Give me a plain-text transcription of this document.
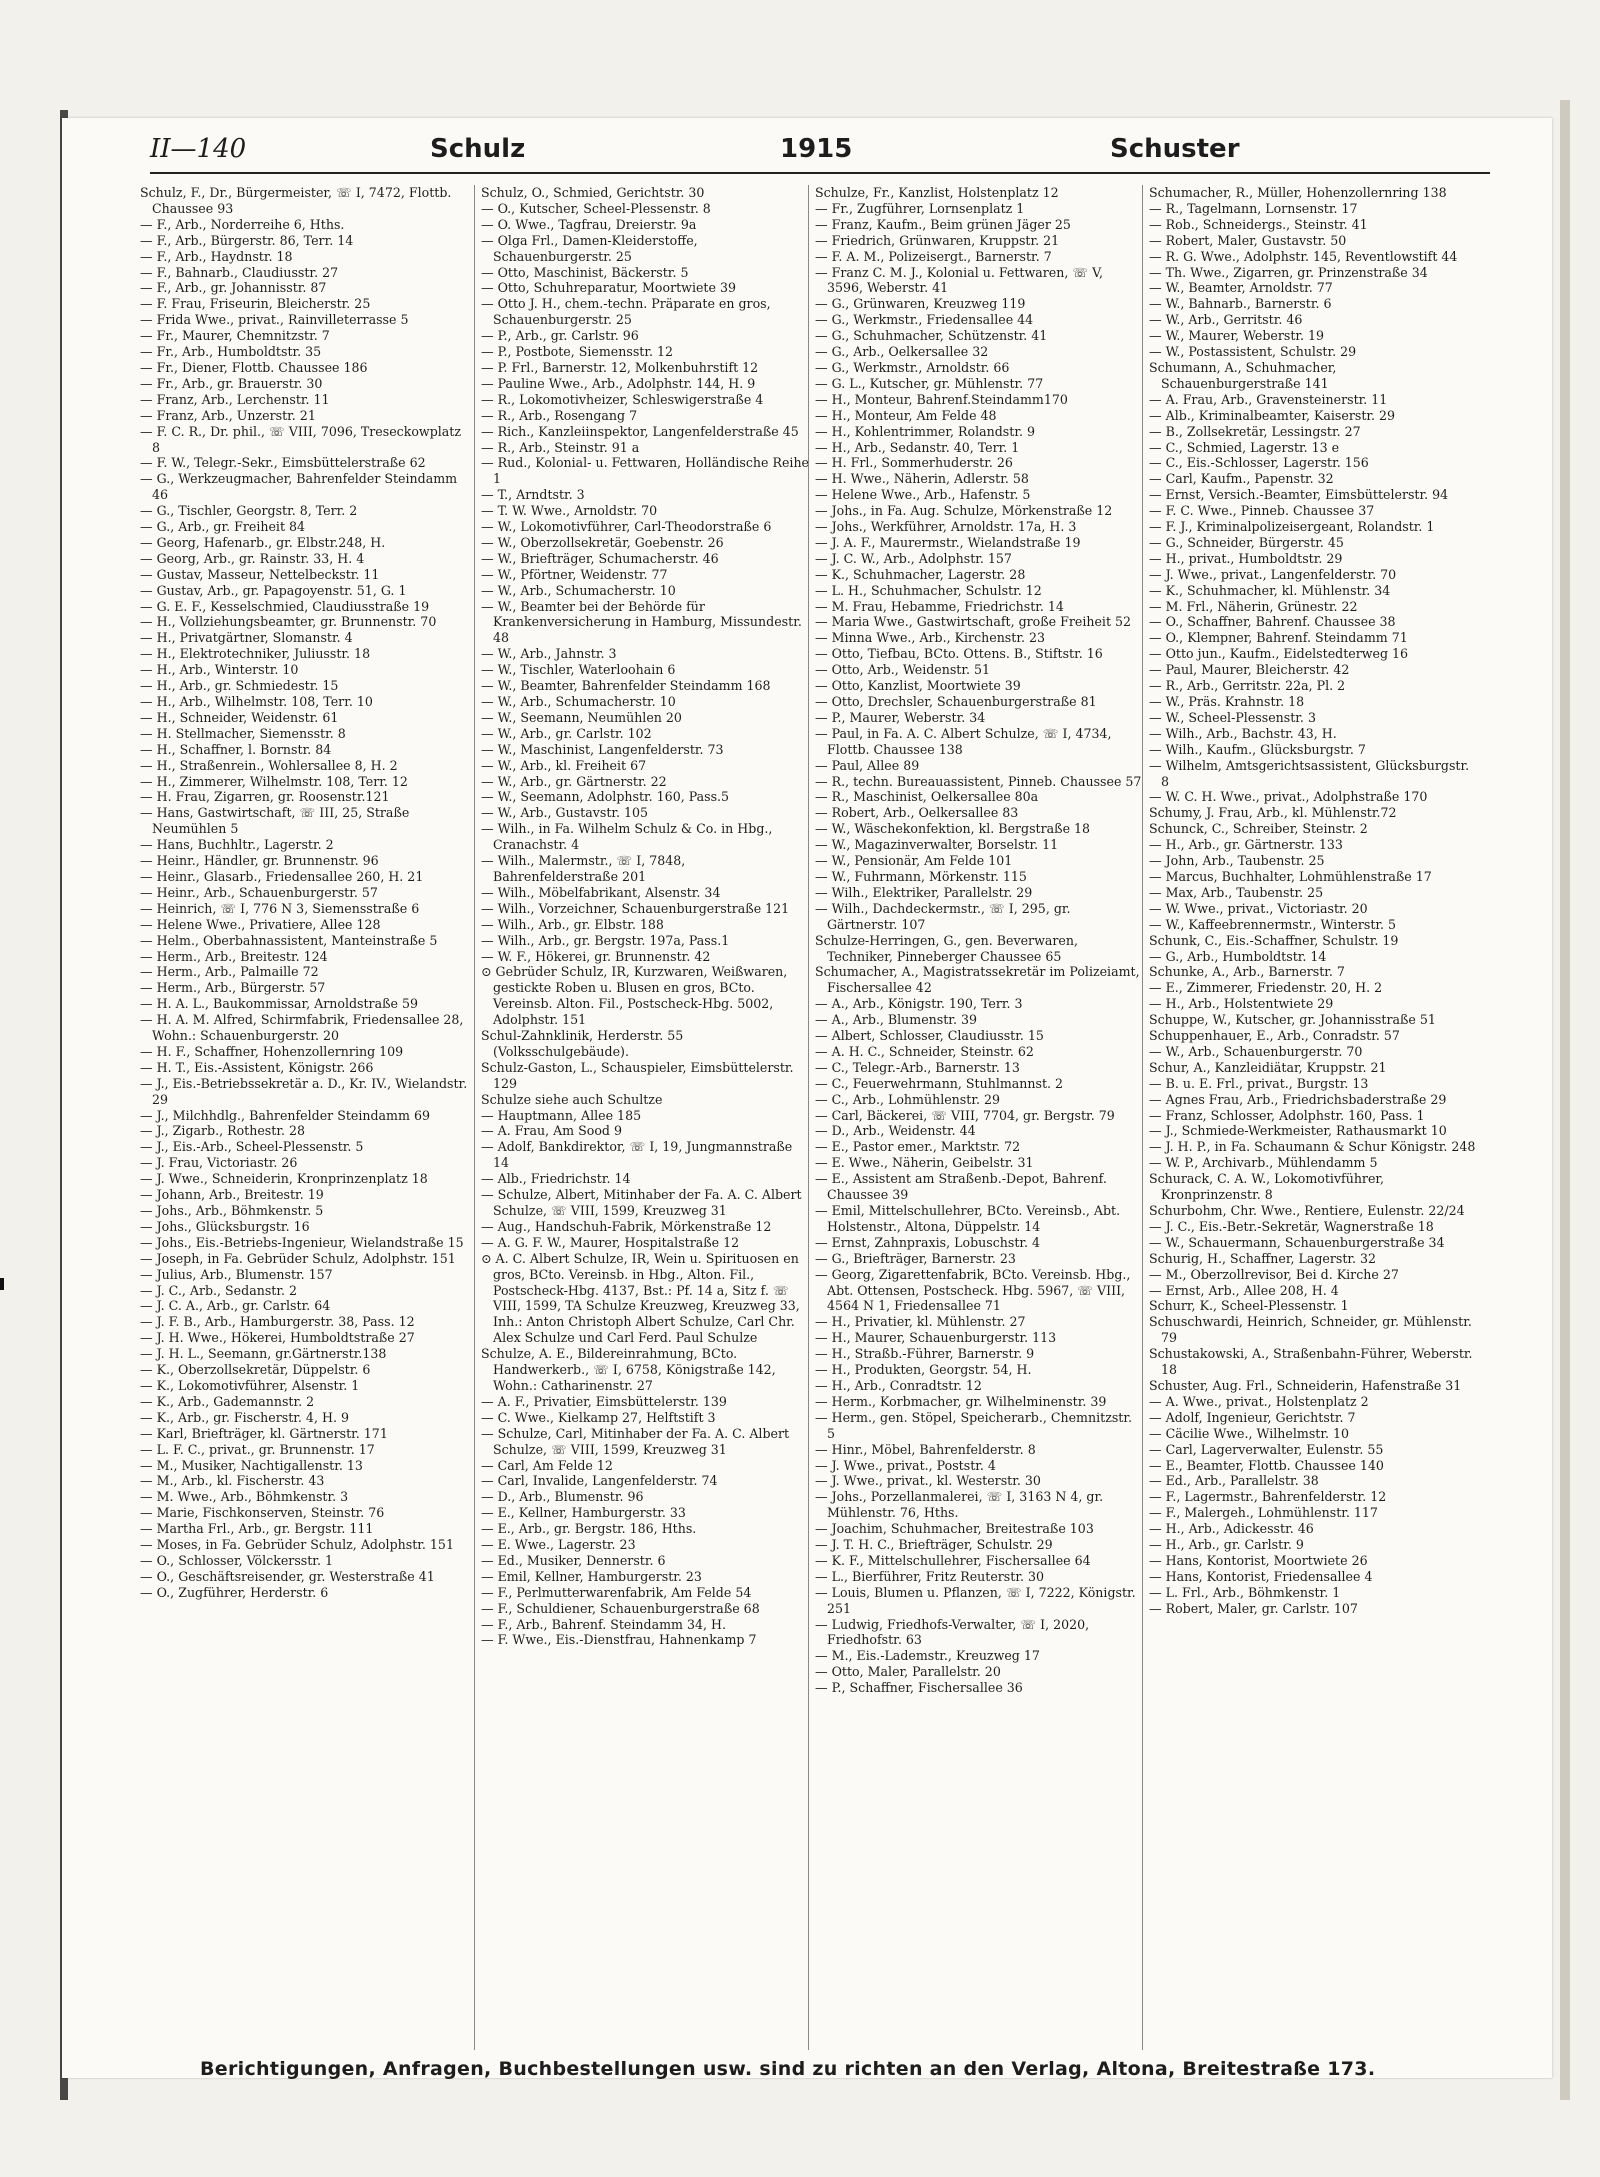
II—140	Schulz	1915	Schuster
Schulz, F., Dr., Bürgermeister, ☏ I, 7472, Flottb. Chaussee 93
— F., Arb., Norderreihe 6, Hths.
— F., Arb., Bürgerstr. 86, Terr. 14
— F., Arb., Haydnstr. 18
— F., Bahnarb., Claudiusstr. 27
— F., Arb., gr. Johannisstr. 87
— F. Frau, Friseurin, Bleicherstr. 25
— Frida Wwe., privat., Rainvilleterrasse 5
— Fr., Maurer, Chemnitzstr. 7
— Fr., Arb., Humboldtstr. 35
— Fr., Diener, Flottb. Chaussee 186
— Fr., Arb., gr. Brauerstr. 30
— Franz, Arb., Lerchenstr. 11
— Franz, Arb., Unzerstr. 21
— F. C. R., Dr. phil., ☏ VIII, 7096, Treseckowplatz 8
— F. W., Telegr.-Sekr., Eimsbüttelerstraße 62
— G., Werkzeugmacher, Bahrenfelder Steindamm 46
— G., Tischler, Georgstr. 8, Terr. 2
— G., Arb., gr. Freiheit 84
— Georg, Hafenarb., gr. Elbstr.248, H.
— Georg, Arb., gr. Rainstr. 33, H. 4
— Gustav, Masseur, Nettelbeckstr. 11
— Gustav, Arb., gr. Papagoyenstr. 51, G. 1
— G. E. F., Kesselschmied, Claudiusstraße 19
— H., Vollziehungsbeamter, gr. Brunnenstr. 70
— H., Privatgärtner, Slomanstr. 4
— H., Elektrotechniker, Juliusstr. 18
— H., Arb., Winterstr. 10
— H., Arb., gr. Schmiedestr. 15
— H., Arb., Wilhelmstr. 108, Terr. 10
— H., Schneider, Weidenstr. 61
— H. Stellmacher, Siemensstr. 8
— H., Schaffner, l. Bornstr. 84
— H., Straßenrein., Wohlersallee 8, H. 2
— H., Zimmerer, Wilhelmstr. 108, Terr. 12
— H. Frau, Zigarren, gr. Roosenstr.121
— Hans, Gastwirtschaft, ☏ III, 25, Straße Neumühlen 5
— Hans, Buchhltr., Lagerstr. 2
— Heinr., Händler, gr. Brunnenstr. 96
— Heinr., Glasarb., Friedensallee 260, H. 21
— Heinr., Arb., Schauenburgerstr. 57
— Heinrich, ☏ I, 776 N 3, Siemensstraße 6
— Helene Wwe., Privatiere, Allee 128
— Helm., Oberbahnassistent, Manteinstraße 5
— Herm., Arb., Breitestr. 124
— Herm., Arb., Palmaille 72
— Herm., Arb., Bürgerstr. 57
— H. A. L., Baukommissar, Arnoldstraße 59
— H. A. M. Alfred, Schirmfabrik, Friedensallee 28, Wohn.: Schauenburgerstr. 20
— H. F., Schaffner, Hohenzollernring 109
— H. T., Eis.-Assistent, Königstr. 266
— J., Eis.-Betriebssekretär a. D., Kr. IV., Wielandstr. 29
— J., Milchhdlg., Bahrenfelder Steindamm 69
— J., Zigarb., Rothestr. 28
— J., Eis.-Arb., Scheel-Plessenstr. 5
— J. Frau, Victoriastr. 26
— J. Wwe., Schneiderin, Kronprinzenplatz 18
— Johann, Arb., Breitestr. 19
— Johs., Arb., Böhmkenstr. 5
— Johs., Glücksburgstr. 16
— Johs., Eis.-Betriebs-Ingenieur, Wielandstraße 15
— Joseph, in Fa. Gebrüder Schulz, Adolphstr. 151
— Julius, Arb., Blumenstr. 157
— J. C., Arb., Sedanstr. 2
— J. C. A., Arb., gr. Carlstr. 64
— J. F. B., Arb., Hamburgerstr. 38, Pass. 12
— J. H. Wwe., Hökerei, Humboldtstraße 27
— J. H. L., Seemann, gr.Gärtnerstr.138
— K., Oberzollsekretär, Düppelstr. 6
— K., Lokomotivführer, Alsenstr. 1
— K., Arb., Gademannstr. 2
— K., Arb., gr. Fischerstr. 4, H. 9
— Karl, Briefträger, kl. Gärtnerstr. 171
— L. F. C., privat., gr. Brunnenstr. 17
— M., Musiker, Nachtigallenstr. 13
— M., Arb., kl. Fischerstr. 43
— M. Wwe., Arb., Böhmkenstr. 3
— Marie, Fischkonserven, Steinstr. 76
— Martha Frl., Arb., gr. Bergstr. 111
— Moses, in Fa. Gebrüder Schulz, Adolphstr. 151
— O., Schlosser, Völckersstr. 1
— O., Geschäftsreisender, gr. Westerstraße 41
— O., Zugführer, Herderstr. 6
Schulz, O., Schmied, Gerichtstr. 30
— O., Kutscher, Scheel-Plessenstr. 8
— O. Wwe., Tagfrau, Dreierstr. 9a
— Olga Frl., Damen-Kleiderstoffe, Schauenburgerstr. 25
— Otto, Maschinist, Bäckerstr. 5
— Otto, Schuhreparatur, Moortwiete 39
— Otto J. H., chem.-techn. Präparate en gros, Schauenburgerstr. 25
— P., Arb., gr. Carlstr. 96
— P., Postbote, Siemensstr. 12
— P. Frl., Barnerstr. 12, Molkenbuhrstift 12
— Pauline Wwe., Arb., Adolphstr. 144, H. 9
— R., Lokomotivheizer, Schleswigerstraße 4
— R., Arb., Rosengang 7
— Rich., Kanzleiinspektor, Langenfelderstraße 45
— R., Arb., Steinstr. 91 a
— Rud., Kolonial- u. Fettwaren, Holländische Reihe 1
— T., Arndtstr. 3
— T. W. Wwe., Arnoldstr. 70
— W., Lokomotivführer, Carl-Theodorstraße 6
— W., Oberzollsekretär, Goebenstr. 26
— W., Briefträger, Schumacherstr. 46
— W., Pförtner, Weidenstr. 77
— W., Arb., Schumacherstr. 10
— W., Beamter bei der Behörde für Krankenversicherung in Hamburg, Missundestr. 48
— W., Arb., Jahnstr. 3
— W., Tischler, Waterloohain 6
— W., Beamter, Bahrenfelder Steindamm 168
— W., Arb., Schumacherstr. 10
— W., Seemann, Neumühlen 20
— W., Arb., gr. Carlstr. 102
— W., Maschinist, Langenfelderstr. 73
— W., Arb., kl. Freiheit 67
— W., Arb., gr. Gärtnerstr. 22
— W., Seemann, Adolphstr. 160, Pass.5
— W., Arb., Gustavstr. 105
— Wilh., in Fa. Wilhelm Schulz & Co. in Hbg., Cranachstr. 4
— Wilh., Malermstr., ☏ I, 7848, Bahrenfelderstraße 201
— Wilh., Möbelfabrikant, Alsenstr. 34
— Wilh., Vorzeichner, Schauenburgerstraße 121
— Wilh., Arb., gr. Elbstr. 188
— Wilh., Arb., gr. Bergstr. 197a, Pass.1
— W. F., Hökerei, gr. Brunnenstr. 42
⊙ Gebrüder Schulz, IR, Kurzwaren, Weißwaren, gestickte Roben u. Blusen en gros, BCto. Vereinsb. Alton. Fil., Postscheck-Hbg. 5002, Adolphstr. 151
Schul-Zahnklinik, Herderstr. 55 (Volksschulgebäude).
Schulz-Gaston, L., Schauspieler, Eimsbüttelerstr. 129
Schulze siehe auch Schultze
— Hauptmann, Allee 185
— A. Frau, Am Sood 9
— Adolf, Bankdirektor, ☏ I, 19, Jungmannstraße 14
— Alb., Friedrichstr. 14
— Schulze, Albert, Mitinhaber der Fa. A. C. Albert Schulze, ☏ VIII, 1599, Kreuzweg 31
— Aug., Handschuh-Fabrik, Mörkenstraße 12
— A. G. F. W., Maurer, Hospitalstraße 12
⊙ A. C. Albert Schulze, IR, Wein u. Spirituosen en gros, BCto. Vereinsb. in Hbg., Alton. Fil., Postscheck-Hbg. 4137, Bst.: Pf. 14 a, Sitz f. ☏ VIII, 1599, TA Schulze Kreuzweg, Kreuzweg 33, Inh.: Anton Christoph Albert Schulze, Carl Chr. Alex Schulze und Carl Ferd. Paul Schulze
Schulze, A. E., Bildereinrahmung, BCto. Handwerkerb., ☏ I, 6758, Königstraße 142, Wohn.: Catharinenstr. 27
— A. F., Privatier, Eimsbüttelerstr. 139
— C. Wwe., Kielkamp 27, Helftstift 3
— Schulze, Carl, Mitinhaber der Fa. A. C. Albert Schulze, ☏ VIII, 1599, Kreuzweg 31
— Carl, Am Felde 12
— Carl, Invalide, Langenfelderstr. 74
— D., Arb., Blumenstr. 96
— E., Kellner, Hamburgerstr. 33
— E., Arb., gr. Bergstr. 186, Hths.
— E. Wwe., Lagerstr. 23
— Ed., Musiker, Dennerstr. 6
— Emil, Kellner, Hamburgerstr. 23
— F., Perlmutterwarenfabrik, Am Felde 54
— F., Schuldiener, Schauenburgerstraße 68
— F., Arb., Bahrenf. Steindamm 34, H.
— F. Wwe., Eis.-Dienstfrau, Hahnenkamp 7
Schulze, Fr., Kanzlist, Holstenplatz 12
— Fr., Zugführer, Lornsenplatz 1
— Franz, Kaufm., Beim grünen Jäger 25
— Friedrich, Grünwaren, Kruppstr. 21
— F. A. M., Polizeisergt., Barnerstr. 7
— Franz C. M. J., Kolonial u. Fettwaren, ☏ V, 3596, Weberstr. 41
— G., Grünwaren, Kreuzweg 119
— G., Werkmstr., Friedensallee 44
— G., Schuhmacher, Schützenstr. 41
— G., Arb., Oelkersallee 32
— G., Werkmstr., Arnoldstr. 66
— G. L., Kutscher, gr. Mühlenstr. 77
— H., Monteur, Bahrenf.Steindamm170
— H., Monteur, Am Felde 48
— H., Kohlentrimmer, Rolandstr. 9
— H., Arb., Sedanstr. 40, Terr. 1
— H. Frl., Sommerhuderstr. 26
— H. Wwe., Näherin, Adlerstr. 58
— Helene Wwe., Arb., Hafenstr. 5
— Johs., in Fa. Aug. Schulze, Mörkenstraße 12
— Johs., Werkführer, Arnoldstr. 17a, H. 3
— J. A. F., Maurermstr., Wielandstraße 19
— J. C. W., Arb., Adolphstr. 157
— K., Schuhmacher, Lagerstr. 28
— L. H., Schuhmacher, Schulstr. 12
— M. Frau, Hebamme, Friedrichstr. 14
— Maria Wwe., Gastwirtschaft, große Freiheit 52
— Minna Wwe., Arb., Kirchenstr. 23
— Otto, Tiefbau, BCto. Ottens. B., Stiftstr. 16
— Otto, Arb., Weidenstr. 51
— Otto, Kanzlist, Moortwiete 39
— Otto, Drechsler, Schauenburgerstraße 81
— P., Maurer, Weberstr. 34
— Paul, in Fa. A. C. Albert Schulze, ☏ I, 4734, Flottb. Chaussee 138
— Paul, Allee 89
— R., techn. Bureauassistent, Pinneb. Chaussee 57
— R., Maschinist, Oelkersallee 80a
— Robert, Arb., Oelkersallee 83
— W., Wäschekonfektion, kl. Bergstraße 18
— W., Magazinverwalter, Borselstr. 11
— W., Pensionär, Am Felde 101
— W., Fuhrmann, Mörkenstr. 115
— Wilh., Elektriker, Parallelstr. 29
— Wilh., Dachdeckermstr., ☏ I, 295, gr. Gärtnerstr. 107
Schulze-Herringen, G., gen. Beverwaren, Techniker, Pinneberger Chaussee 65
Schumacher, A., Magistratssekretär im Polizeiamt, Fischersallee 42
— A., Arb., Königstr. 190, Terr. 3
— A., Arb., Blumenstr. 39
— Albert, Schlosser, Claudiusstr. 15
— A. H. C., Schneider, Steinstr. 62
— C., Telegr.-Arb., Barnerstr. 13
— C., Feuerwehrmann, Stuhlmannst. 2
— C., Arb., Lohmühlenstr. 29
— Carl, Bäckerei, ☏ VIII, 7704, gr. Bergstr. 79
— D., Arb., Weidenstr. 44
— E., Pastor emer., Marktstr. 72
— E. Wwe., Näherin, Geibelstr. 31
— E., Assistent am Straßenb.-Depot, Bahrenf. Chaussee 39
— Emil, Mittelschullehrer, BCto. Vereinsb., Abt. Holstenstr., Altona, Düppelstr. 14
— Ernst, Zahnpraxis, Lobuschstr. 4
— G., Briefträger, Barnerstr. 23
— Georg, Zigarettenfabrik, BCto. Vereinsb. Hbg., Abt. Ottensen, Postscheck. Hbg. 5967, ☏ VIII, 4564 N 1, Friedensallee 71
— H., Privatier, kl. Mühlenstr. 27
— H., Maurer, Schauenburgerstr. 113
— H., Straßb.-Führer, Barnerstr. 9
— H., Produkten, Georgstr. 54, H.
— H., Arb., Conradtstr. 12
— Herm., Korbmacher, gr. Wilhelminenstr. 39
— Herm., gen. Stöpel, Speicherarb., Chemnitzstr. 5
— Hinr., Möbel, Bahrenfelderstr. 8
— J. Wwe., privat., Poststr. 4
— J. Wwe., privat., kl. Westerstr. 30
— Johs., Porzellanmalerei, ☏ I, 3163 N 4, gr. Mühlenstr. 76, Hths.
— Joachim, Schuhmacher, Breitestraße 103
— J. T. H. C., Briefträger, Schulstr. 29
— K. F., Mittelschullehrer, Fischersallee 64
— L., Bierführer, Fritz Reuterstr. 30
— Louis, Blumen u. Pflanzen, ☏ I, 7222, Königstr. 251
— Ludwig, Friedhofs-Verwalter, ☏ I, 2020, Friedhofstr. 63
— M., Eis.-Lademstr., Kreuzweg 17
— Otto, Maler, Parallelstr. 20
— P., Schaffner, Fischersallee 36
Schumacher, R., Müller, Hohenzollernring 138
— R., Tagelmann, Lornsenstr. 17
— Rob., Schneidergs., Steinstr. 41
— Robert, Maler, Gustavstr. 50
— R. G. Wwe., Adolphstr. 145, Reventlowstift 44
— Th. Wwe., Zigarren, gr. Prinzenstraße 34
— W., Beamter, Arnoldstr. 77
— W., Bahnarb., Barnerstr. 6
— W., Arb., Gerritstr. 46
— W., Maurer, Weberstr. 19
— W., Postassistent, Schulstr. 29
Schumann, A., Schuhmacher, Schauenburgerstraße 141
— A. Frau, Arb., Gravensteinerstr. 11
— Alb., Kriminalbeamter, Kaiserstr. 29
— B., Zollsekretär, Lessingstr. 27
— C., Schmied, Lagerstr. 13 e
— C., Eis.-Schlosser, Lagerstr. 156
— Carl, Kaufm., Papenstr. 32
— Ernst, Versich.-Beamter, Eimsbüttelerstr. 94
— F. C. Wwe., Pinneb. Chaussee 37
— F. J., Kriminalpolizeisergeant, Rolandstr. 1
— G., Schneider, Bürgerstr. 45
— H., privat., Humboldtstr. 29
— J. Wwe., privat., Langenfelderstr. 70
— K., Schuhmacher, kl. Mühlenstr. 34
— M. Frl., Näherin, Grünestr. 22
— O., Schaffner, Bahrenf. Chaussee 38
— O., Klempner, Bahrenf. Steindamm 71
— Otto jun., Kaufm., Eidelstedterweg 16
— Paul, Maurer, Bleicherstr. 42
— R., Arb., Gerritstr. 22a, Pl. 2
— W., Präs. Krahnstr. 18
— W., Scheel-Plessenstr. 3
— Wilh., Arb., Bachstr. 43, H.
— Wilh., Kaufm., Glücksburgstr. 7
— Wilhelm, Amtsgerichtsassistent, Glücksburgstr. 8
— W. C. H. Wwe., privat., Adolphstraße 170
Schumy, J. Frau, Arb., kl. Mühlenstr.72
Schunck, C., Schreiber, Steinstr. 2
— H., Arb., gr. Gärtnerstr. 133
— John, Arb., Taubenstr. 25
— Marcus, Buchhalter, Lohmühlenstraße 17
— Max, Arb., Taubenstr. 25
— W. Wwe., privat., Victoriastr. 20
— W., Kaffeebrennermstr., Winterstr. 5
Schunk, C., Eis.-Schaffner, Schulstr. 19
— G., Arb., Humboldtstr. 14
Schunke, A., Arb., Barnerstr. 7
— E., Zimmerer, Friedenstr. 20, H. 2
— H., Arb., Holstentwiete 29
Schuppe, W., Kutscher, gr. Johannisstraße 51
Schuppenhauer, E., Arb., Conradstr. 57
— W., Arb., Schauenburgerstr. 70
Schur, A., Kanzleidiätar, Kruppstr. 21
— B. u. E. Frl., privat., Burgstr. 13
— Agnes Frau, Arb., Friedrichsbaderstraße 29
— Franz, Schlosser, Adolphstr. 160, Pass. 1
— J., Schmiede-Werkmeister, Rathausmarkt 10
— J. H. P., in Fa. Schaumann & Schur Königstr. 248
— W. P., Archivarb., Mühlendamm 5
Schurack, C. A. W., Lokomotivführer, Kronprinzenstr. 8
Schurbohm, Chr. Wwe., Rentiere, Eulenstr. 22/24
— J. C., Eis.-Betr.-Sekretär, Wagnerstraße 18
— W., Schauermann, Schauenburgerstraße 34
Schurig, H., Schaffner, Lagerstr. 32
— M., Oberzollrevisor, Bei d. Kirche 27
— Ernst, Arb., Allee 208, H. 4
Schurr, K., Scheel-Plessenstr. 1
Schuschwardi, Heinrich, Schneider, gr. Mühlenstr. 79
Schustakowski, A., Straßenbahn-Führer, Weberstr. 18
Schuster, Aug. Frl., Schneiderin, Hafenstraße 31
— A. Wwe., privat., Holstenplatz 2
— Adolf, Ingenieur, Gerichtstr. 7
— Cäcilie Wwe., Wilhelmstr. 10
— Carl, Lagerverwalter, Eulenstr. 55
— E., Beamter, Flottb. Chaussee 140
— Ed., Arb., Parallelstr. 38
— F., Lagermstr., Bahrenfelderstr. 12
— F., Malergeh., Lohmühlenstr. 117
— H., Arb., Adickesstr. 46
— H., Arb., gr. Carlstr. 9
— Hans, Kontorist, Moortwiete 26
— Hans, Kontorist, Friedensallee 4
— L. Frl., Arb., Böhmkenstr. 1
— Robert, Maler, gr. Carlstr. 107
Berichtigungen, Anfragen, Buchbestellungen usw. sind zu richten an den Verlag, Altona, Breitestraße 173.
